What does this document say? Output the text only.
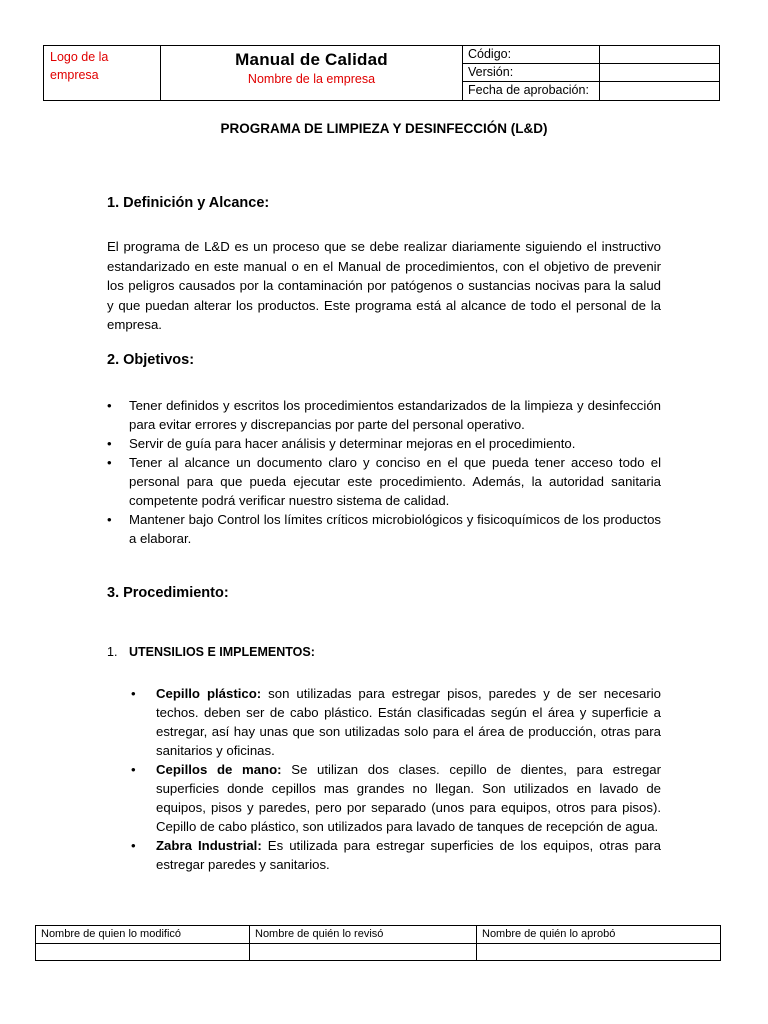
Logo de la empresa
Manual de Calidad
Nombre de la empresa
Código:
Versión:
Fecha de aprobación:
PROGRAMA DE LIMPIEZA Y DESINFECCIÓN (L&D)
1. Definición y Alcance:

El programa de L&D es un proceso que se debe realizar diariamente siguiendo el instructivo estandarizado en este manual o en el Manual de procedimientos, con el objetivo de prevenir los peligros causados por la contaminación por patógenos o sustancias nocivas para la salud y que puedan alterar los productos. Este programa está al alcance de todo el personal de la empresa.

2. Objetivos:
• Tener definidos y escritos los procedimientos estandarizados de la limpieza y desinfección para evitar errores y discrepancias por parte del personal operativo.
• Servir de guía para hacer análisis y determinar mejoras en el procedimiento.
• Tener al alcance un documento claro y conciso en el que pueda tener acceso todo el personal para que pueda ejecutar este procedimiento. Además, la autoridad sanitaria competente podrá verificar nuestro sistema de calidad.
• Mantener bajo Control los límites críticos microbiológicos y fisicoquímicos de los productos a elaborar.
3. Procedimiento:
1. UTENSILIOS E IMPLEMENTOS:
• Cepillo plástico: son utilizadas para estregar pisos, paredes y de ser necesario techos. deben ser de cabo plástico. Están clasificadas según el área y superficie a estregar, así hay unas que son utilizadas solo para el área de producción, otras para sanitarios y oficinas.
• Cepillos de mano: Se utilizan dos clases. cepillo de dientes, para estregar superficies donde cepillos mas grandes no llegan. Son utilizados en lavado de equipos, pisos y paredes, pero por separado (unos para equipos, otros para pisos). Cepillo de cabo plástico, son utilizados para lavado de tanques de recepción de agua.
• Zabra Industrial: Es utilizada para estregar superficies de los equipos, otras para estregar paredes y sanitarios.
Nombre de quien lo modificó	Nombre de quién lo revisó	Nombre de quién lo aprobó
